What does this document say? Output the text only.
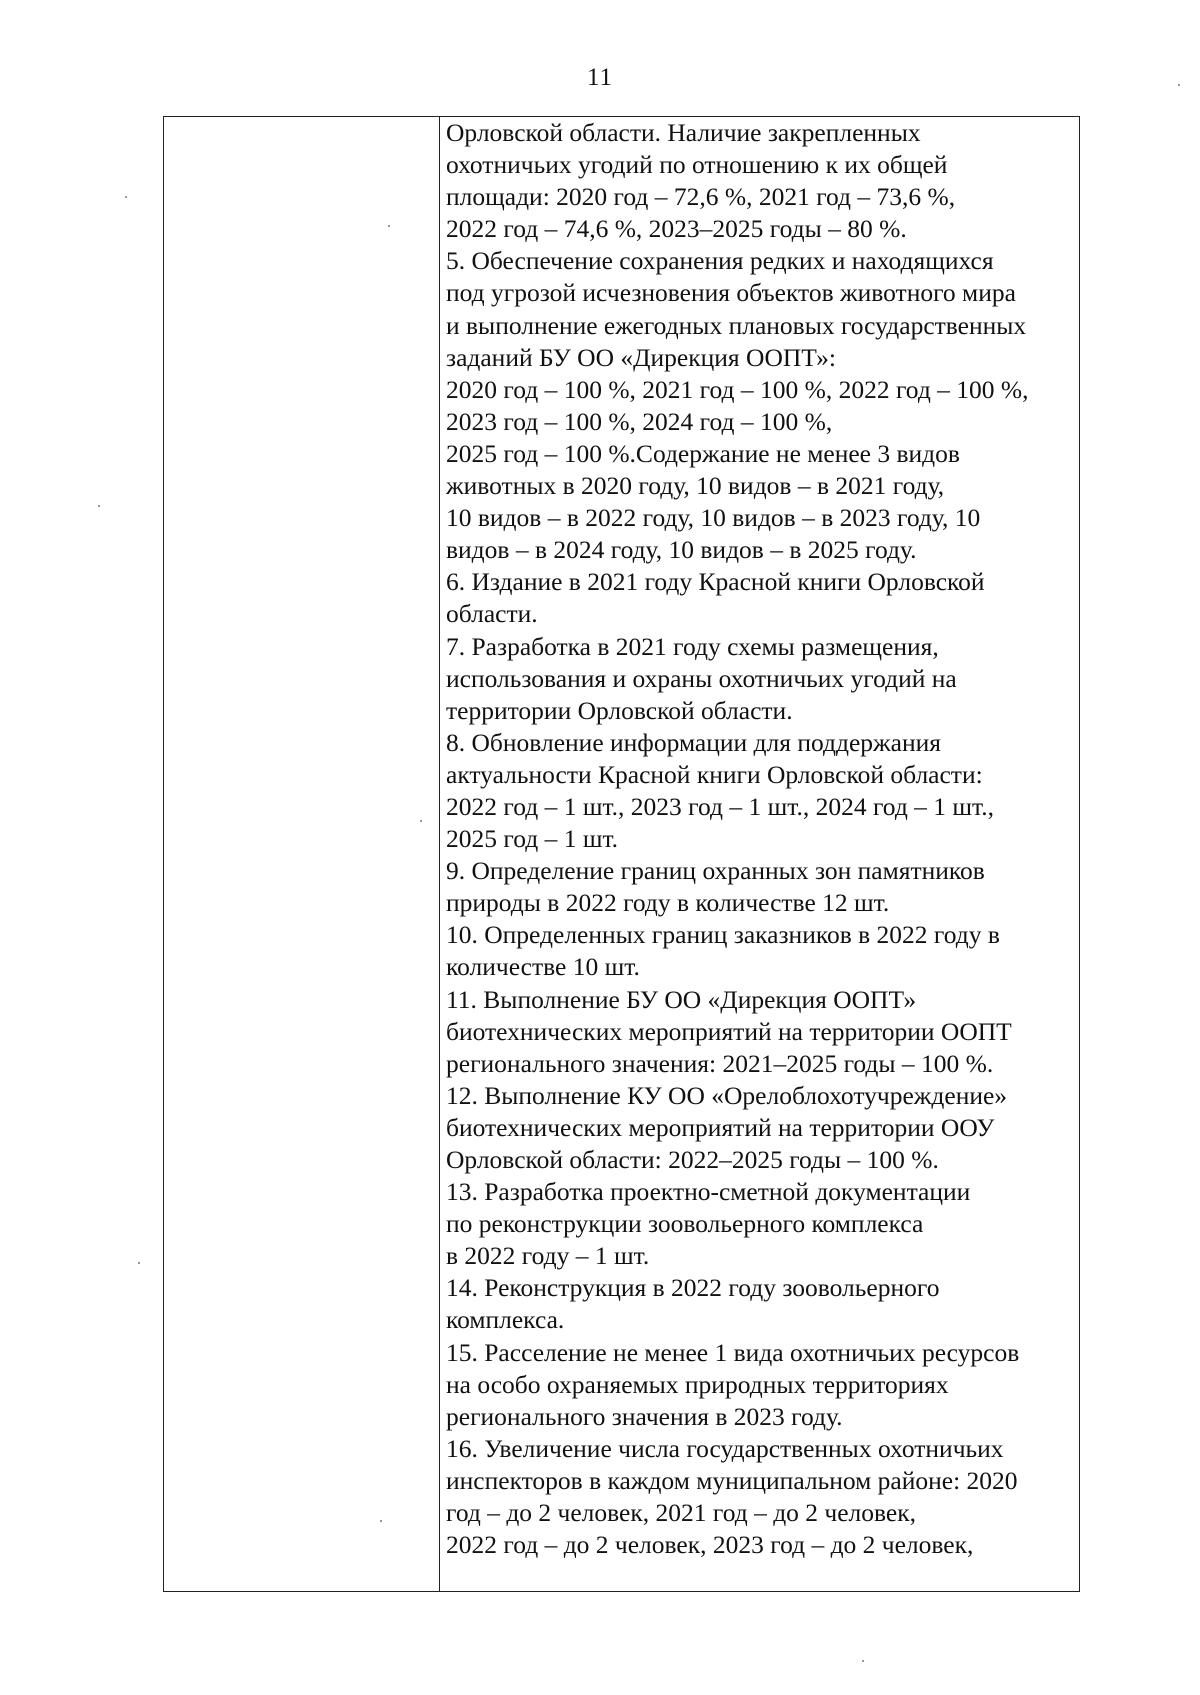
11
Орловской области. Наличие закрепленных
охотничьих угодий по отношению к их общей
площади: 2020 год – 72,6 %, 2021 год – 73,6 %,
2022 год – 74,6 %, 2023–2025 годы – 80 %.
5. Обеспечение сохранения редких и находящихся
под угрозой исчезновения объектов животного мира
и выполнение ежегодных плановых государственных
заданий БУ ОО «Дирекция ООПТ»:
2020 год – 100 %, 2021 год – 100 %, 2022 год – 100 %,
2023 год – 100 %, 2024 год – 100 %,
2025 год – 100 %.Содержание не менее 3 видов
животных в 2020 году, 10 видов – в 2021 году,
10 видов – в 2022 году, 10 видов – в 2023 году, 10
видов – в 2024 году, 10 видов – в 2025 году.
6. Издание в 2021 году Красной книги Орловской
области.
7. Разработка в 2021 году схемы размещения,
использования и охраны охотничьих угодий на
территории Орловской области.
8. Обновление информации для поддержания
актуальности Красной книги Орловской области:
2022 год – 1 шт., 2023 год – 1 шт., 2024 год – 1 шт.,
2025 год – 1 шт.
9. Определение границ охранных зон памятников
природы в 2022 году в количестве 12 шт.
10. Определенных границ заказников в 2022 году в
количестве 10 шт.
11. Выполнение БУ ОО «Дирекция ООПТ»
биотехнических мероприятий на территории ООПТ
регионального значения: 2021–2025 годы – 100 %.
12. Выполнение КУ ОО «Орелоблохотучреждение»
биотехнических мероприятий на территории ООУ
Орловской области: 2022–2025 годы – 100 %.
13. Разработка проектно-сметной документации
по реконструкции зоовольерного комплекса
в 2022 году – 1 шт.
14. Реконструкция в 2022 году зоовольерного
комплекса.
15. Расселение не менее 1 вида охотничьих ресурсов
на особо охраняемых природных территориях
регионального значения в 2023 году.
16. Увеличение числа государственных охотничьих
инспекторов в каждом муниципальном районе: 2020
год – до 2 человек, 2021 год – до 2 человек,
2022 год – до 2 человек, 2023 год – до 2 человек,
